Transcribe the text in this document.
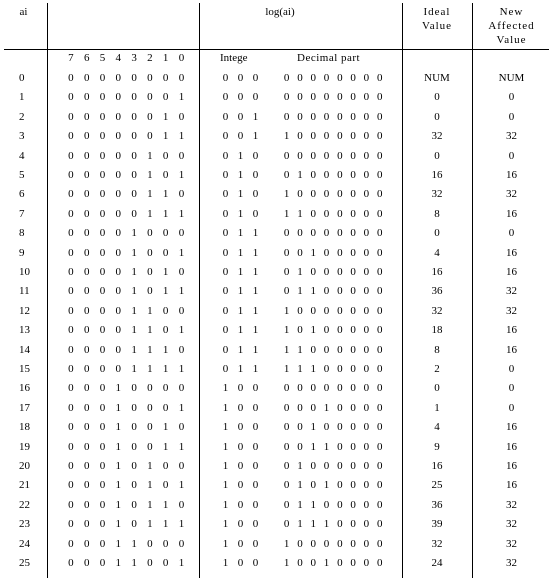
ai	log(ai)	Ideal
Value
New
Affected
Value
7 6 5 4 3 2 1 0	Intege	Decimal part
0	0 0 0 0 0 0 0 0	0 0 0	0 0 0 0 0 0 0 0	NUM	NUM
1	0 0 0 0 0 0 0 1	0 0 0	0 0 0 0 0 0 0 0	0	0
2	0 0 0 0 0 0 1 0	0 0 1	0 0 0 0 0 0 0 0	0	0
3	0 0 0 0 0 0 1 1	0 0 1	1 0 0 0 0 0 0 0	32	32
4	0 0 0 0 0 1 0 0	0 1 0	0 0 0 0 0 0 0 0	0	0
5	0 0 0 0 0 1 0 1	0 1 0	0 1 0 0 0 0 0 0	16	16
6	0 0 0 0 0 1 1 0	0 1 0	1 0 0 0 0 0 0 0	32	32
7	0 0 0 0 0 1 1 1	0 1 0	1 1 0 0 0 0 0 0	8	16
8	0 0 0 0 1 0 0 0	0 1 1	0 0 0 0 0 0 0 0	0	0
9	0 0 0 0 1 0 0 1	0 1 1	0 0 1 0 0 0 0 0	4	16
10	0 0 0 0 1 0 1 0	0 1 1	0 1 0 0 0 0 0 0	16	16
11	0 0 0 0 1 0 1 1	0 1 1	0 1 1 0 0 0 0 0	36	32
12	0 0 0 0 1 1 0 0	0 1 1	1 0 0 0 0 0 0 0	32	32
13	0 0 0 0 1 1 0 1	0 1 1	1 0 1 0 0 0 0 0	18	16
14	0 0 0 0 1 1 1 0	0 1 1	1 1 0 0 0 0 0 0	8	16
15	0 0 0 0 1 1 1 1	0 1 1	1 1 1 0 0 0 0 0	2	0
16	0 0 0 1 0 0 0 0	1 0 0	0 0 0 0 0 0 0 0	0	0
17	0 0 0 1 0 0 0 1	1 0 0	0 0 0 1 0 0 0 0	1	0
18	0 0 0 1 0 0 1 0	1 0 0	0 0 1 0 0 0 0 0	4	16
19	0 0 0 1 0 0 1 1	1 0 0	0 0 1 1 0 0 0 0	9	16
20	0 0 0 1 0 1 0 0	1 0 0	0 1 0 0 0 0 0 0	16	16
21	0 0 0 1 0 1 0 1	1 0 0	0 1 0 1 0 0 0 0	25	16
22	0 0 0 1 0 1 1 0	1 0 0	0 1 1 0 0 0 0 0	36	32
23	0 0 0 1 0 1 1 1	1 0 0	0 1 1 1 0 0 0 0	39	32
24	0 0 0 1 1 0 0 0	1 0 0	1 0 0 0 0 0 0 0	32	32
25	0 0 0 1 1 0 0 1	1 0 0	1 0 0 1 0 0 0 0	24	32
